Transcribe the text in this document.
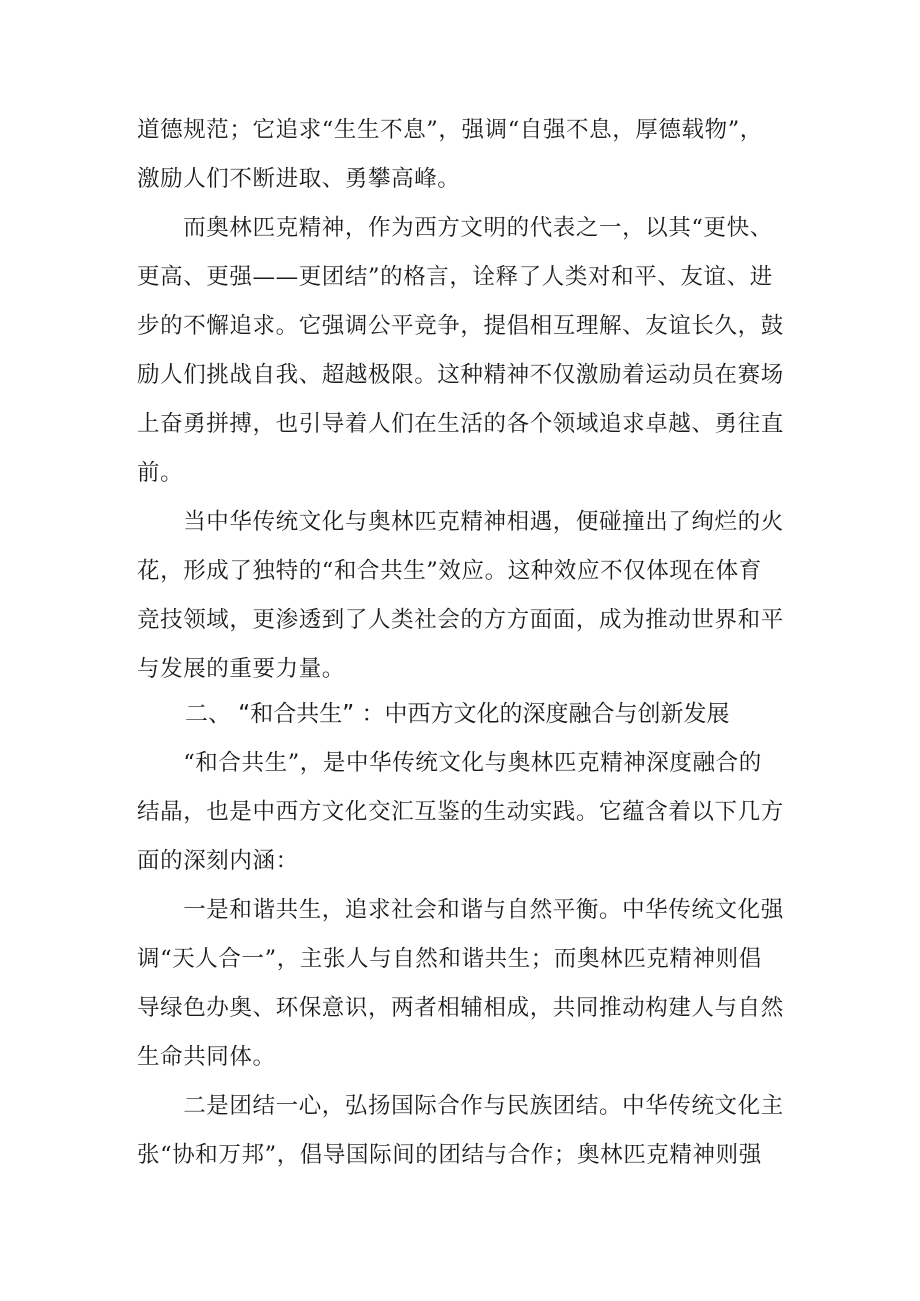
道德规范；它追求“生生不息”，强调“自强不息，厚德载物”，
激励人们不断进取、勇攀高峰。
　　而奥林匹克精神，作为西方文明的代表之一，以其“更快、
更高、更强——更团结”的格言，诠释了人类对和平、友谊、进
步的不懈追求。它强调公平竞争，提倡相互理解、友谊长久，鼓
励人们挑战自我、超越极限。这种精神不仅激励着运动员在赛场
上奋勇拼搏，也引导着人们在生活的各个领域追求卓越、勇往直
前。
　　当中华传统文化与奥林匹克精神相遇，便碰撞出了绚烂的火
花，形成了独特的“和合共生”效应。这种效应不仅体现在体育
竞技领域，更渗透到了人类社会的方方面面，成为推动世界和平
与发展的重要力量。
二、 “和合共生” ：中西方文化的深度融合与创新发展
　　“和合共生”，是中华传统文化与奥林匹克精神深度融合的
结晶，也是中西方文化交汇互鉴的生动实践。它蕴含着以下几方
面的深刻内涵：
　　一是和谐共生，追求社会和谐与自然平衡。中华传统文化强
调“天人合一”，主张人与自然和谐共生；而奥林匹克精神则倡
导绿色办奥、环保意识，两者相辅相成，共同推动构建人与自然
生命共同体。
　　二是团结一心，弘扬国际合作与民族团结。中华传统文化主
张“协和万邦”，倡导国际间的团结与合作；奥林匹克精神则强
